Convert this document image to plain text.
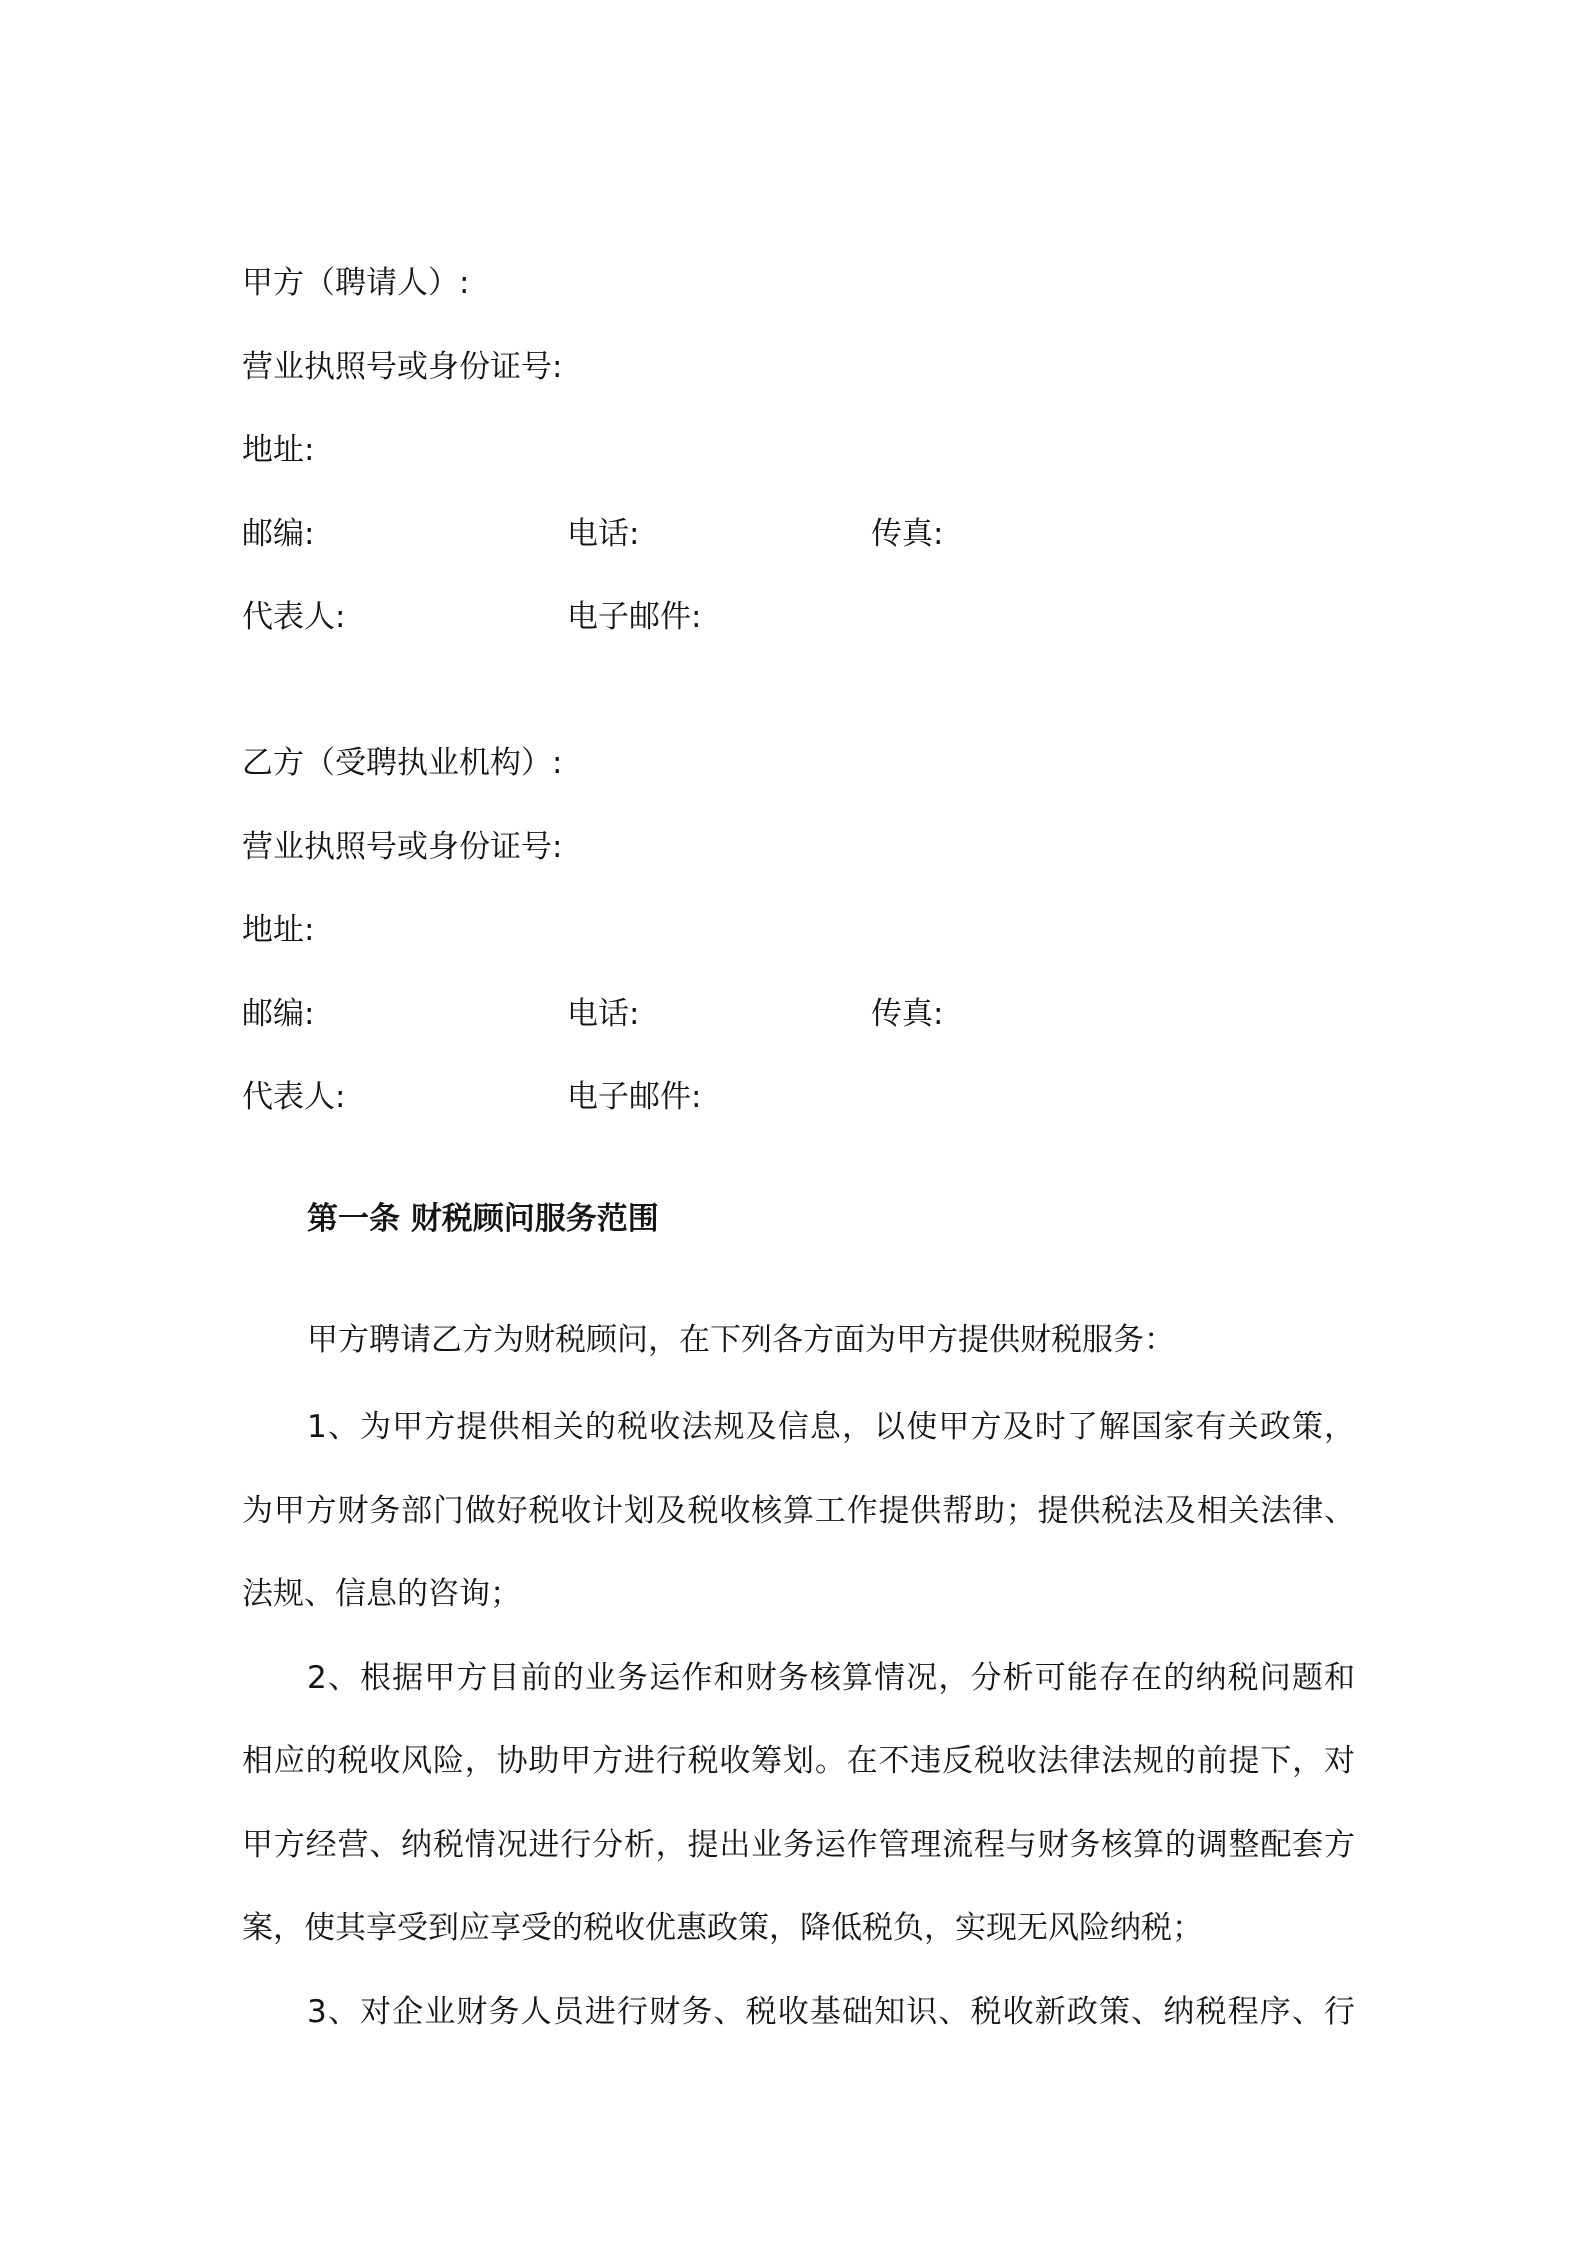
甲方（聘请人）:
营业执照号或身份证号:
地址:
邮编:	电话:	传真:
代表人:	电子邮件:
乙方（受聘执业机构）:
营业执照号或身份证号:
地址:
邮编:	电话:	传真:
代表人:	电子邮件:
第一条 财税顾问服务范围
甲方聘请乙方为财税顾问，在下列各方面为甲方提供财税服务：
1、为甲方提供相关的税收法规及信息，以使甲方及时了解国家有关政策，
为甲方财务部门做好税收计划及税收核算工作提供帮助；提供税法及相关法律、
法规、信息的咨询；
2、根据甲方目前的业务运作和财务核算情况，分析可能存在的纳税问题和
相应的税收风险，协助甲方进行税收筹划。在不违反税收法律法规的前提下，对
甲方经营、纳税情况进行分析，提出业务运作管理流程与财务核算的调整配套方
案，使其享受到应享受的税收优惠政策，降低税负，实现无风险纳税；
3、对企业财务人员进行财务、税收基础知识、税收新政策、纳税程序、行
